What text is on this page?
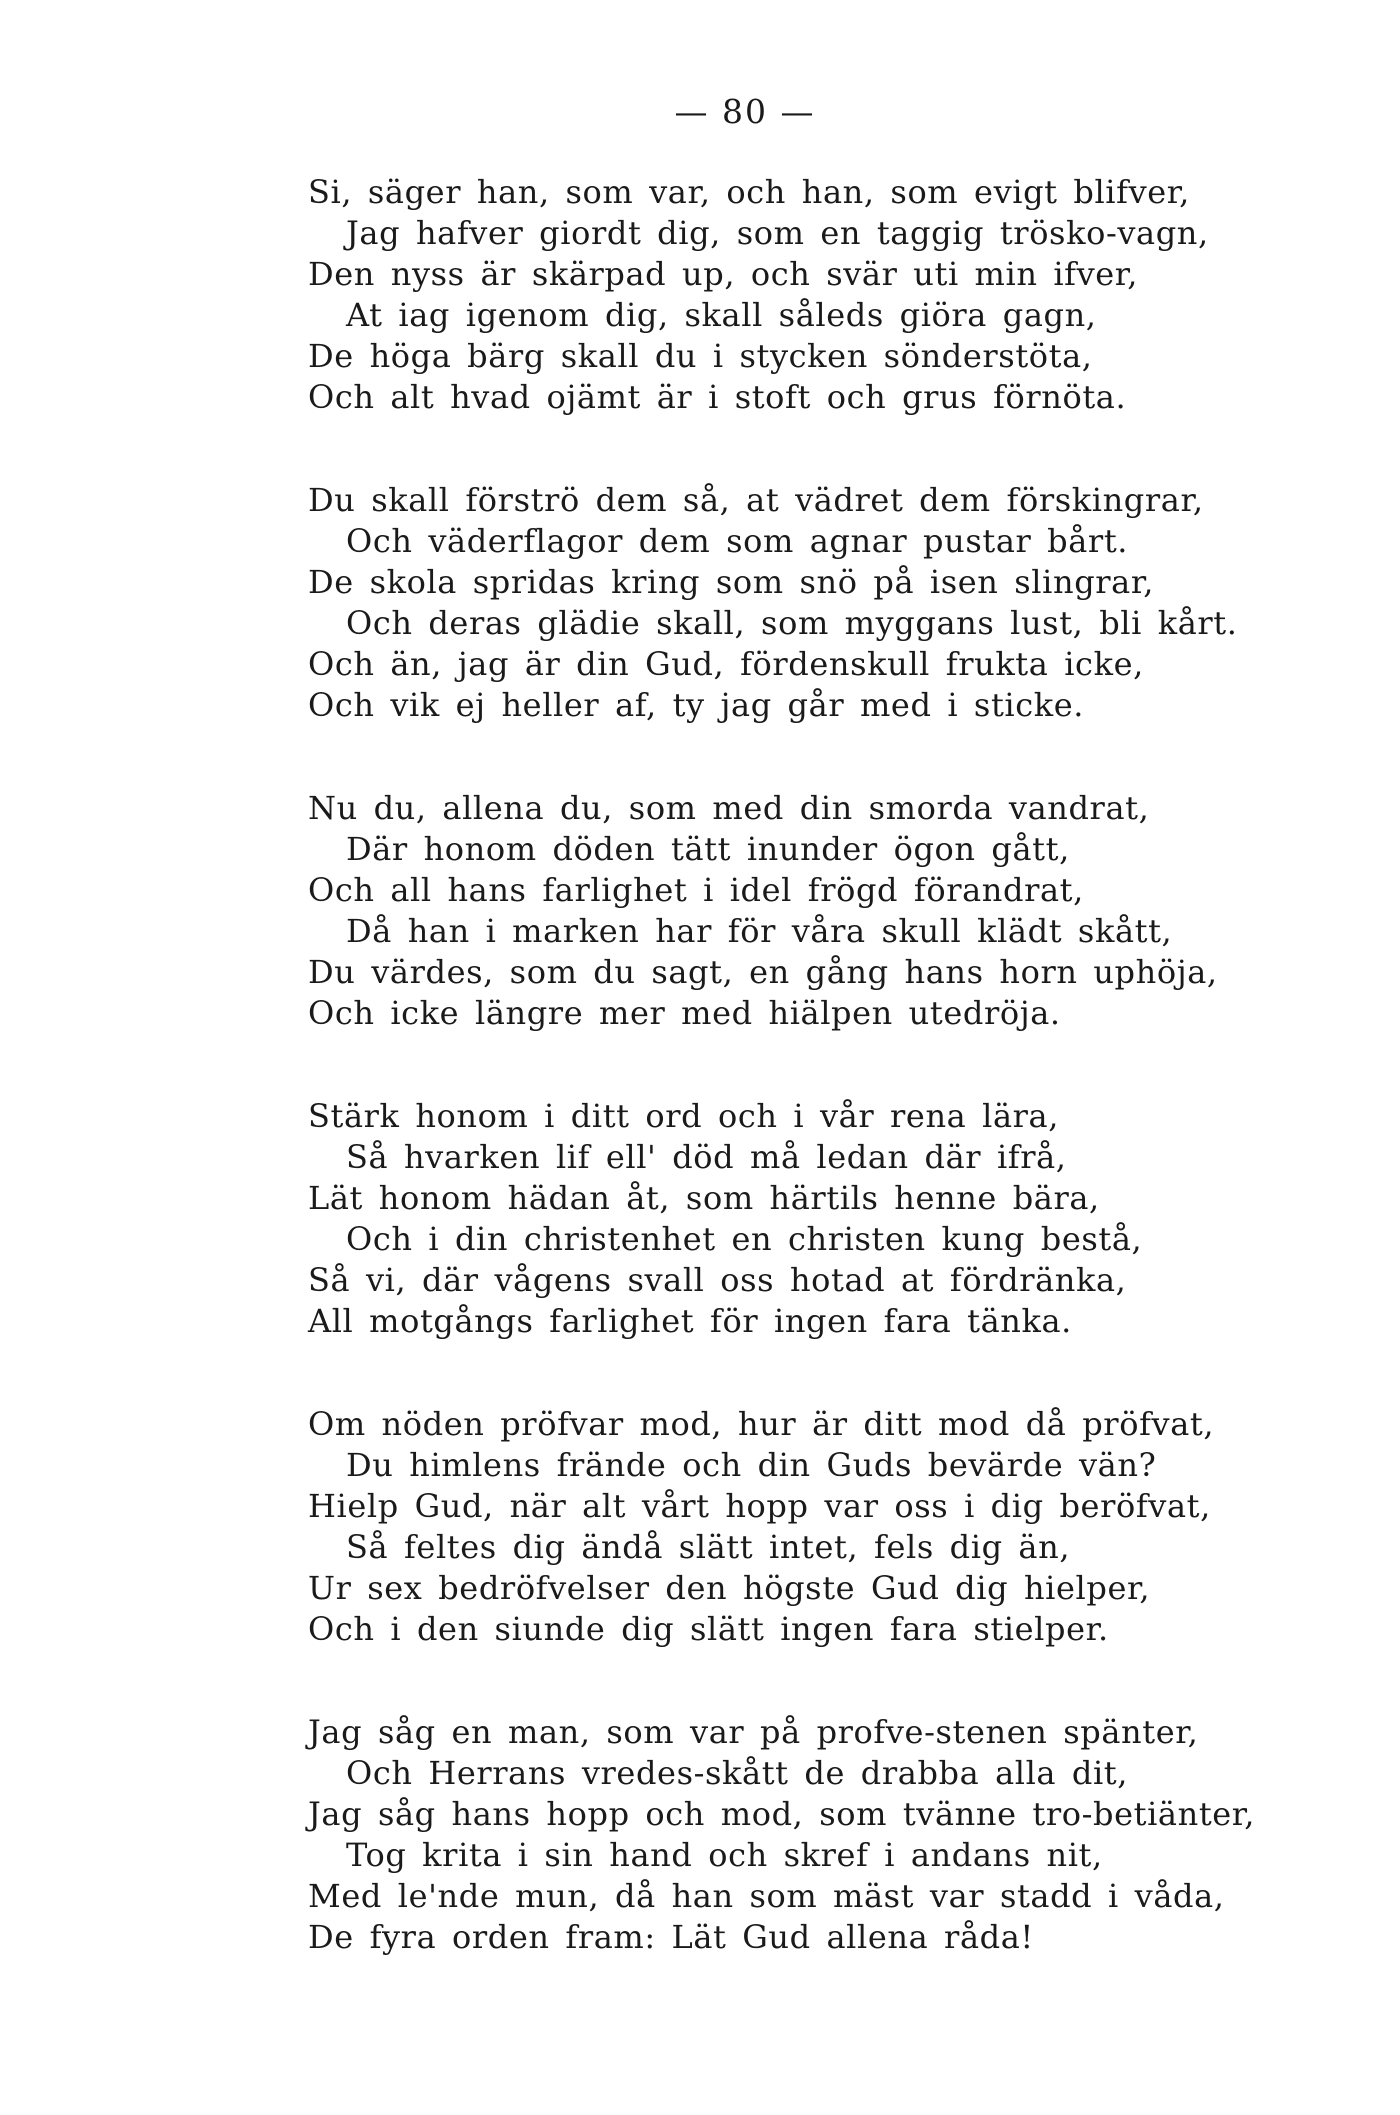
— 80 —
Si, säger han, som var, och han, som evigt blifver,
Jag hafver giordt dig, som en taggig trösko-vagn,
Den nyss är skärpad up, och svär uti min ifver,
At iag igenom dig, skall såleds giöra gagn,
De höga bärg skall du i stycken sönderstöta,
Och alt hvad ojämt är i stoft och grus förnöta.
Du skall förströ dem så, at vädret dem förskingrar,
Och väderflagor dem som agnar pustar bårt.
De skola spridas kring som snö på isen slingrar,
Och deras glädie skall, som myggans lust, bli kårt.
Och än, jag är din Gud, fördenskull frukta icke,
Och vik ej heller af, ty jag går med i sticke.
Nu du, allena du, som med din smorda vandrat,
Där honom döden tätt inunder ögon gått,
Och all hans farlighet i idel frögd förandrat,
Då han i marken har för våra skull klädt skått,
Du värdes, som du sagt, en gång hans horn uphöja,
Och icke längre mer med hiälpen utedröja.
Stärk honom i ditt ord och i vår rena lära,
Så hvarken lif ell' död må ledan där ifrå,
Lät honom hädan åt, som härtils henne bära,
Och i din christenhet en christen kung bestå,
Så vi, där vågens svall oss hotad at fördränka,
All motgångs farlighet för ingen fara tänka.
Om nöden pröfvar mod, hur är ditt mod då pröfvat,
Du himlens frände och din Guds bevärde vän?
Hielp Gud, när alt vårt hopp var oss i dig beröfvat,
Så feltes dig ändå slätt intet, fels dig än,
Ur sex bedröfvelser den högste Gud dig hielper,
Och i den siunde dig slätt ingen fara stielper.
Jag såg en man, som var på profve-stenen spänter,
Och Herrans vredes-skått de drabba alla dit,
Jag såg hans hopp och mod, som tvänne tro-betiänter,
Tog krita i sin hand och skref i andans nit,
Med le'nde mun, då han som mäst var stadd i våda,
De fyra orden fram: Lät Gud allena råda!
